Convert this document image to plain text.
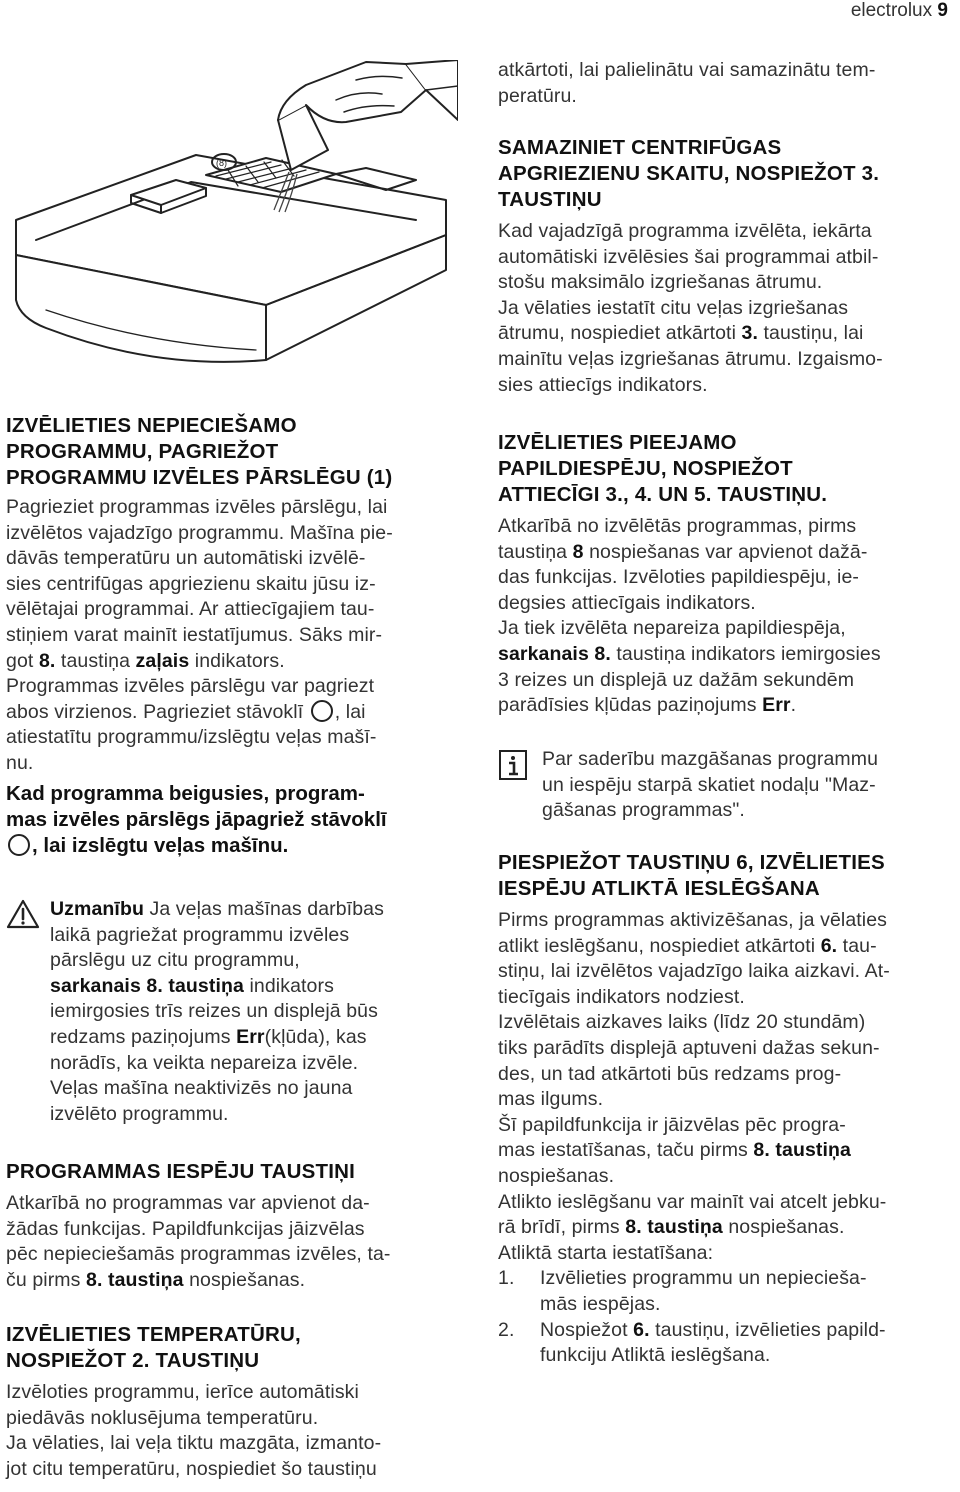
electrolux 9
(8)
IZVĒLIETIES NEPIECIEŠAMO
PROGRAMMU, PAGRIEŽOT
PROGRAMMU IZVĒLES PĀRSLĒGU (1)

Pagrieziet programmas izvēles pārslēgu, lai

izvēlētos vajadzīgo programmu. Mašīna pie-

dāvās temperatūru un automātiski izvēlē-

sies centrifūgas apgriezienu skaitu jūsu iz-

vēlētajai programmai. Ar attiecīgajiem tau-

stiņiem varat mainīt iestatījumus. Sāks mir-

got 8. taustiņa zaļais indikators.

Programmas izvēles pārslēgu var pagriezt

abos virzienos. Pagrieziet stāvoklī , lai

atiestatītu programmu/izslēgtu veļas mašī-

nu.

Kad programma beigusies, program-
mas izvēles pārslēgs jāpagriež stāvoklī
, lai izslēgtu veļas mašīnu.

Uzmanību Ja veļas mašīnas darbības

laikā pagriežat programmu izvēles

pārslēgu uz citu programmu,

sarkanais 8. taustiņa indikators

iemirgosies trīs reizes un displejā būs

redzams paziņojums Err(kļūda), kas

norādīs, ka veikta nepareiza izvēle.

Veļas mašīna neaktivizēs no jauna

izvēlēto programmu.

PROGRAMMAS IESPĒJU TAUSTIŅI

Atkarībā no programmas var apvienot da-

žādas funkcijas. Papildfunkcijas jāizvēlas

pēc nepieciešamās programmas izvēles, ta-

ču pirms 8. taustiņa nospiešanas.

IZVĒLIETIES TEMPERATŪRU,
NOSPIEŽOT 2. TAUSTIŅU

Izvēloties programmu, ierīce automātiski

piedāvās noklusējuma temperatūru.

Ja vēlaties, lai veļa tiktu mazgāta, izmanto-

jot citu temperatūru, nospiediet šo taustiņu

atkārtoti, lai palielinātu vai samazinātu tem-

peratūru.

SAMAZINIET CENTRIFŪGAS
APGRIEZIENU SKAITU, NOSPIEŽOT 3.
TAUSTIŅU

Kad vajadzīgā programma izvēlēta, iekārta

automātiski izvēlēsies šai programmai atbil-

stošu maksimālo izgriešanas ātrumu.

Ja vēlaties iestatīt citu veļas izgriešanas

ātrumu, nospiediet atkārtoti 3. taustiņu, lai

mainītu veļas izgriešanas ātrumu. Izgaismo-

sies attiecīgs indikators.

IZVĒLIETIES PIEEJAMO
PAPILDIESPĒJU, NOSPIEŽOT
ATTIECĪGI 3., 4. UN 5. TAUSTIŅU.

Atkarībā no izvēlētās programmas, pirms

taustiņa 8 nospiešanas var apvienot dažā-

das funkcijas. Izvēloties papildiespēju, ie-

degsies attiecīgais indikators.

Ja tiek izvēlēta nepareiza papildiespēja,

sarkanais 8. taustiņa indikators iemirgosies

3 reizes un displejā uz dažām sekundēm

parādīsies kļūdas paziņojums Err.

Par saderību mazgāšanas programmu

un iespēju starpā skatiet nodaļu "Maz-

gāšanas programmas".

PIESPIEŽOT TAUSTIŅU 6, IZVĒLIETIES
IESPĒJU ATLIKTĀ IESLĒGŠANA

Pirms programmas aktivizēšanas, ja vēlaties

atlikt ieslēgšanu, nospiediet atkārtoti 6. tau-

stiņu, lai izvēlētos vajadzīgo laika aizkavi. At-

tiecīgais indikators nodziest.

Izvēlētais aizkaves laiks (līdz 20 stundām)

tiks parādīts displejā aptuveni dažas sekun-

des, un tad atkārtoti būs redzams prog-

mas ilgums.

Šī papildfunkcija ir jāizvēlas pēc progra-

mas iestatīšanas, taču pirms 8. taustiņa

nospiešanas.

Atlikto ieslēgšanu var mainīt vai atcelt jebku-

rā brīdī, pirms 8. taustiņa nospiešanas.

Atliktā starta iestatīšana:

1. Izvēlieties programmu un nepiecieša-

mās iespējas.

2. Nospiežot 6. taustiņu, izvēlieties papild-

funkciju Atliktā ieslēgšana.
